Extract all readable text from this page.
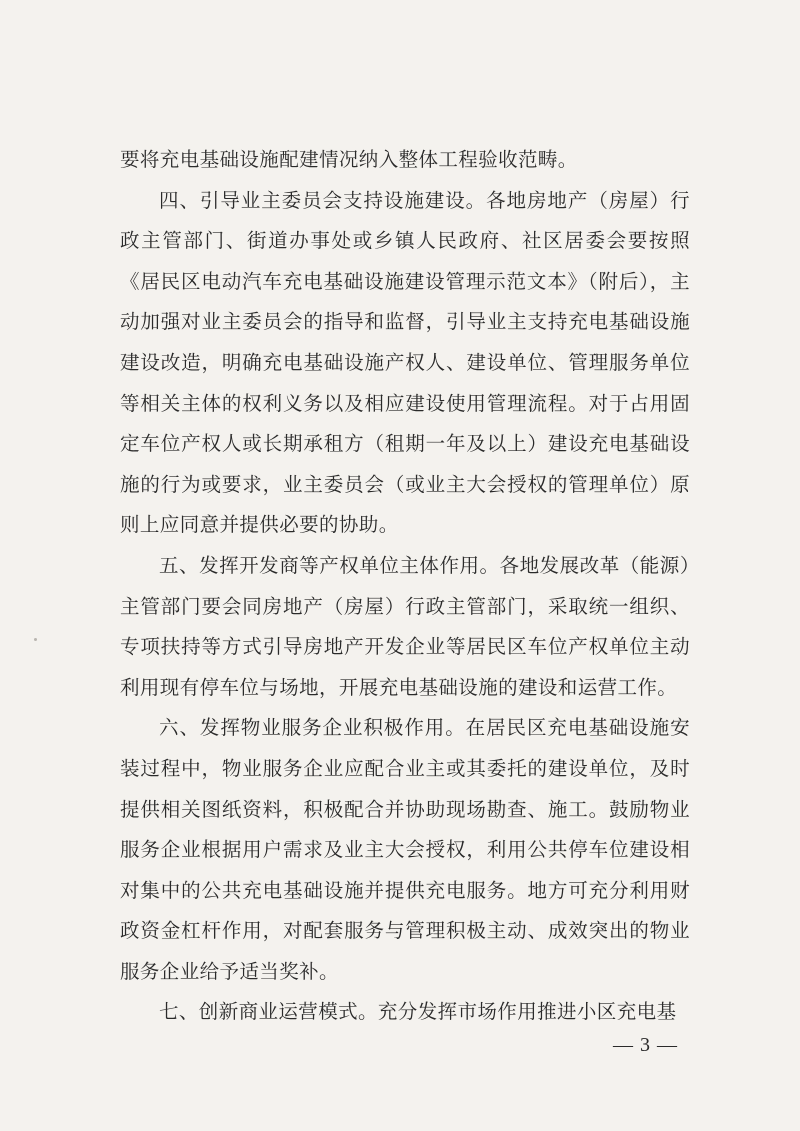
要将充电基础设施配建情况纳入整体工程验收范畴。

四、引导业主委员会支持设施建设。各地房地产（房屋）行政主管部门、街道办事处或乡镇人民政府、社区居委会要按照《居民区电动汽车充电基础设施建设管理示范文本》（附后），主动加强对业主委员会的指导和监督，引导业主支持充电基础设施建设改造，明确充电基础设施产权人、建设单位、管理服务单位等相关主体的权利义务以及相应建设使用管理流程。对于占用固定车位产权人或长期承租方（租期一年及以上）建设充电基础设施的行为或要求，业主委员会（或业主大会授权的管理单位）原则上应同意并提供必要的协助。

五、发挥开发商等产权单位主体作用。各地发展改革（能源）主管部门要会同房地产（房屋）行政主管部门，采取统一组织、专项扶持等方式引导房地产开发企业等居民区车位产权单位主动利用现有停车位与场地，开展充电基础设施的建设和运营工作。

六、发挥物业服务企业积极作用。在居民区充电基础设施安装过程中，物业服务企业应配合业主或其委托的建设单位，及时提供相关图纸资料，积极配合并协助现场勘查、施工。鼓励物业服务企业根据用户需求及业主大会授权，利用公共停车位建设相对集中的公共充电基础设施并提供充电服务。地方可充分利用财政资金杠杆作用，对配套服务与管理积极主动、成效突出的物业服务企业给予适当奖补。

七、创新商业运营模式。充分发挥市场作用推进小区充电基

— 3 —
